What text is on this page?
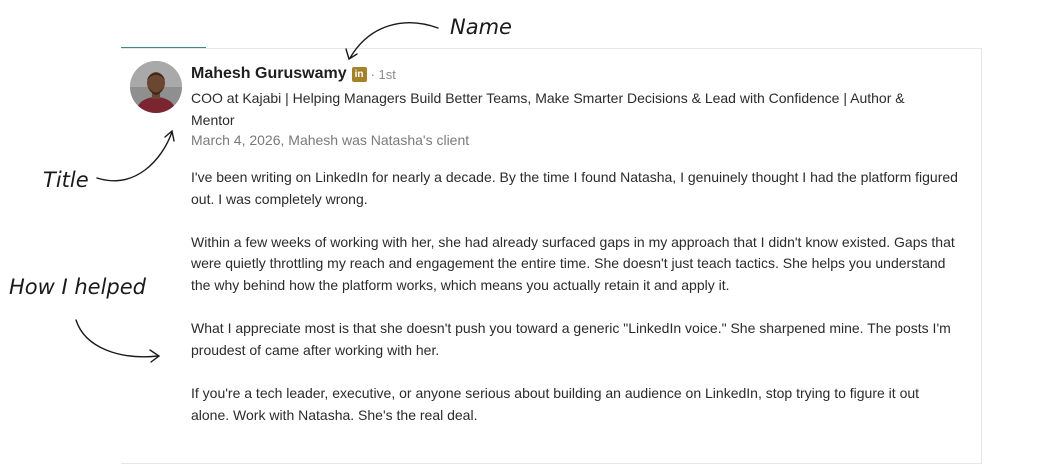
Mahesh Guruswamy in · 1st
COO at Kajabi | Helping Managers Build Better Teams, Make Smarter Decisions & Lead with Confidence | Author & Mentor
March 4, 2026, Mahesh was Natasha's client

I've been writing on LinkedIn for nearly a decade. By the time I found Natasha, I genuinely thought I had the platform figured out. I was completely wrong.

Within a few weeks of working with her, she had already surfaced gaps in my approach that I didn't know existed. Gaps that were quietly throttling my reach and engagement the entire time. She doesn't just teach tactics. She helps you understand the why behind how the platform works, which means you actually retain it and apply it.

What I appreciate most is that she doesn't push you toward a generic "LinkedIn voice." She sharpened mine. The posts I'm proudest of came after working with her.

If you're a tech leader, executive, or anyone serious about building an audience on LinkedIn, stop trying to figure it out alone. Work with Natasha. She's the real deal.

Name
Title
How I helped
